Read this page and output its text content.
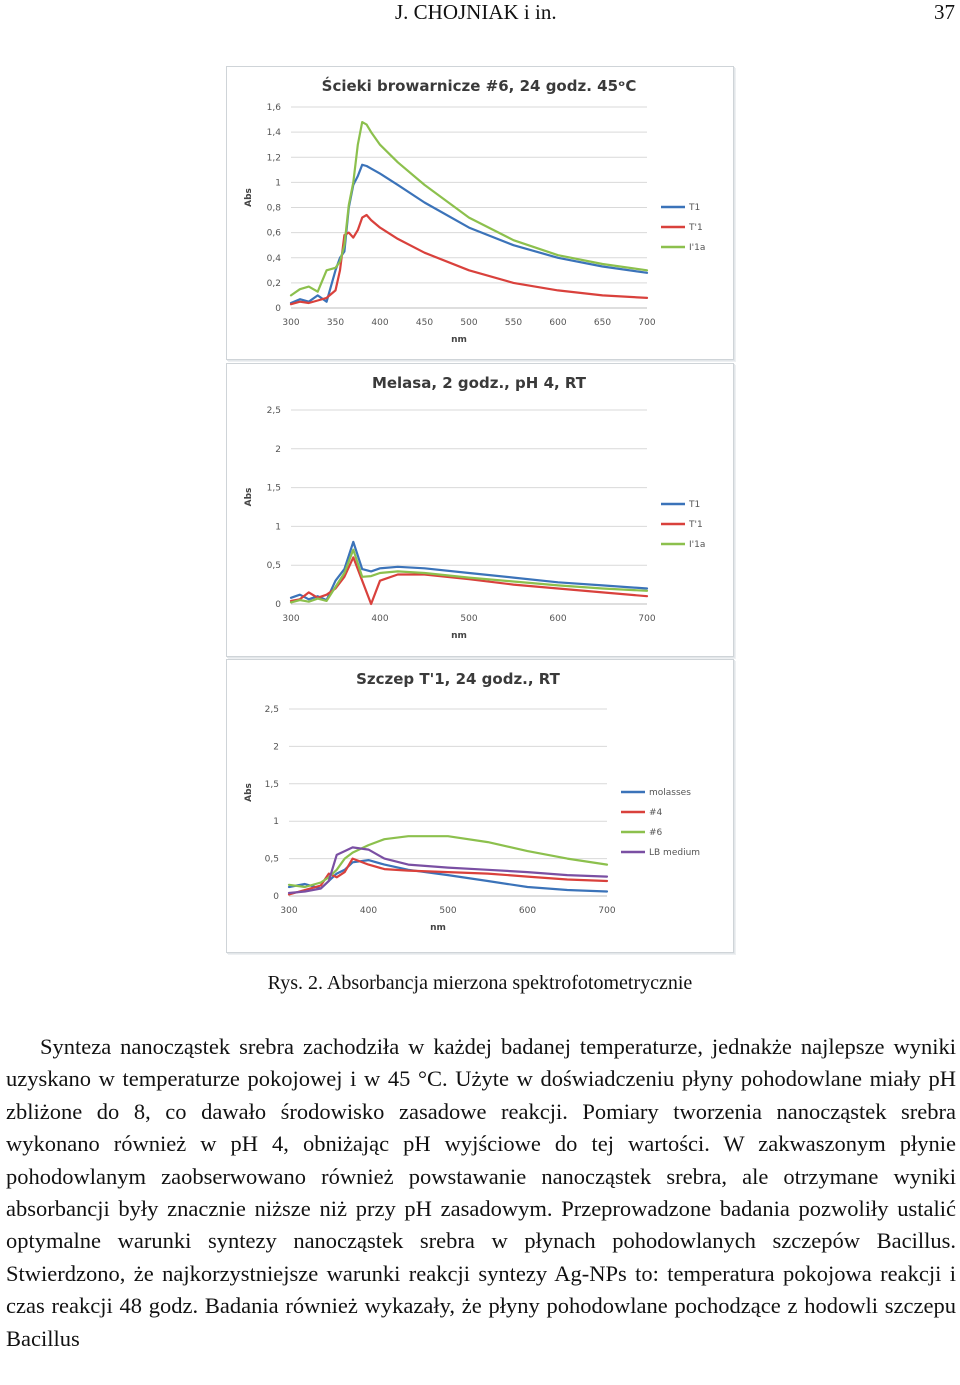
J. CHOJNIAK i in.	37
Ścieki browarnicze #6, 24 godz. 45ᵒC
0
0,2
0,4
0,6
0,8
1
1,2
1,4
1,6
300	350	400	450	500	550	600	650	700
nm
Abs
T1
T'1
I'1a
Melasa, 2 godz., pH 4, RT
0
0,5
1
1,5
2
2,5
300	400	500	600	700
nm
Abs	T1
T'1
I'1a
Szczep T'1, 24 godz., RT
0
0,5
1
1,5
2
2,5
300	400	500	600	700
nm
Abs	molasses
#4
#6
LB medium
Rys. 2. Absorbancja mierzona spektrofotometrycznie

Synteza nanocząstek srebra zachodziła w każdej badanej temperaturze, jednakże najlepsze wyniki uzyskano w temperaturze pokojowej i w 45 °C. Użyte w doświadczeniu płyny pohodowlane miały pH zbliżone do 8, co dawało środowisko zasadowe reakcji. Pomiary tworzenia nanocząstek srebra wykonano również w pH 4, obniżając pH wyjściowe do tej wartości. W zakwaszonym płynie pohodowlanym zaobserwowano również powstawanie nanocząstek srebra, ale otrzymane wyniki absorbancji były znacznie niższe niż przy pH zasadowym. Przeprowadzone badania pozwoliły ustalić optymalne warunki syntezy nanocząstek srebra w płynach pohodowlanych szczepów Bacillus. Stwierdzono, że najkorzystniejsze warunki reakcji syntezy Ag-NPs to: temperatura pokojowa reakcji i czas reakcji 48 godz. Badania również wykazały, że płyny pohodowlane pochodzące z hodowli szczepu Bacillus
